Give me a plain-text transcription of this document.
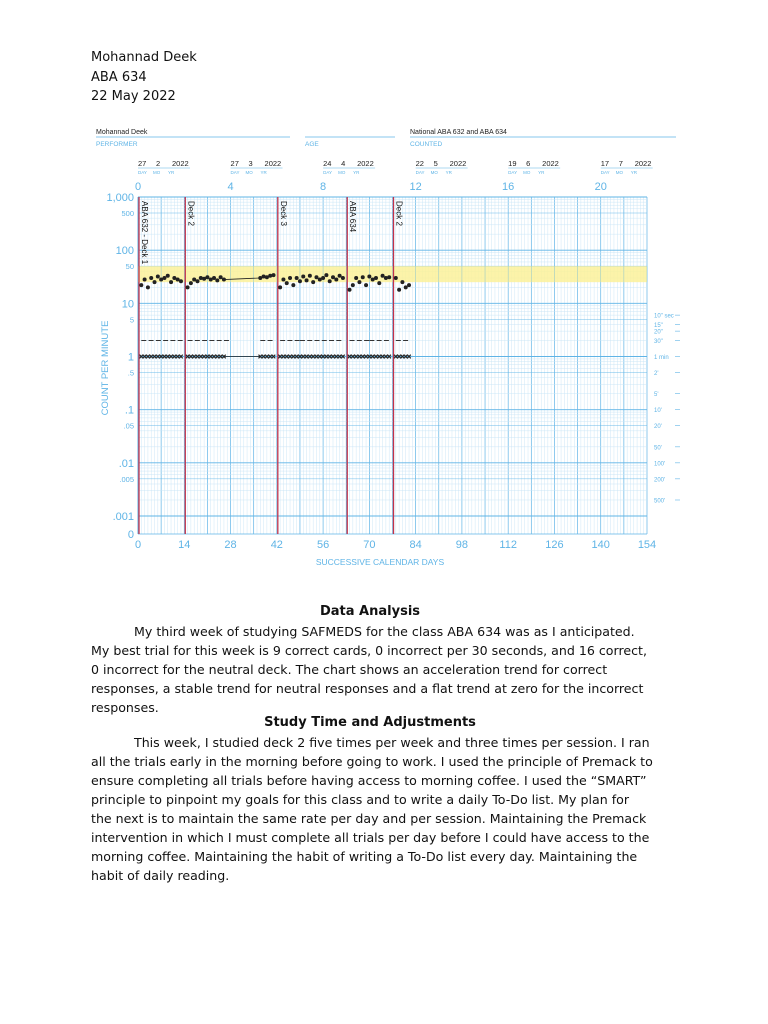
Mohannad Deek
ABA 634
22 May 2022
Mohannad Deek
PERFORMER	AGE
National ABA 632 and ABA 634
COUNTED
27 2 2022
DAY MO YR
27 3 2022
DAY MO YR
24 4 2022
DAY MO YR
22 5 2022
DAY MO YR
19 6 2022
DAY MO YR
17 7 2022
DAY MO YR
0	4	8	12	16	20
ABA 632 - Deck 1	Deck 2	Deck 3	ABA 634	Deck 2
1,000
500
100
50
10
5
1
.5
.1
.05
.01
.005
.001
0
10" sec
15"
20"
30"
1 min
2'
5'
10'
20'
50'
100'
200'
500'
0	14	28	42	56	70	84	98	112	126	140	154
COUNT PER MINUTE
SUCCESSIVE CALENDAR DAYS
Data Analysis

My third week of studying SAFMEDS for the class ABA 634 was as I anticipated. My best trial for this week is 9 correct cards, 0 incorrect per 30 seconds, and 16 correct, 0 incorrect for the neutral deck. The chart shows an acceleration trend for correct responses, a stable trend for neutral responses and a flat trend at zero for the incorrect responses.

Study Time and Adjustments

This week, I studied deck 2 five times per week and three times per session. I ran all the trials early in the morning before going to work. I used the principle of Premack to ensure completing all trials before having access to morning coffee. I used the “SMART” principle to pinpoint my goals for this class and to write a daily To-Do list. My plan for the next is to maintain the same rate per day and per session. Maintaining the Premack intervention in which I must complete all trials per day before I could have access to the morning coffee. Maintaining the habit of writing a To-Do list every day. Maintaining the habit of daily reading.
